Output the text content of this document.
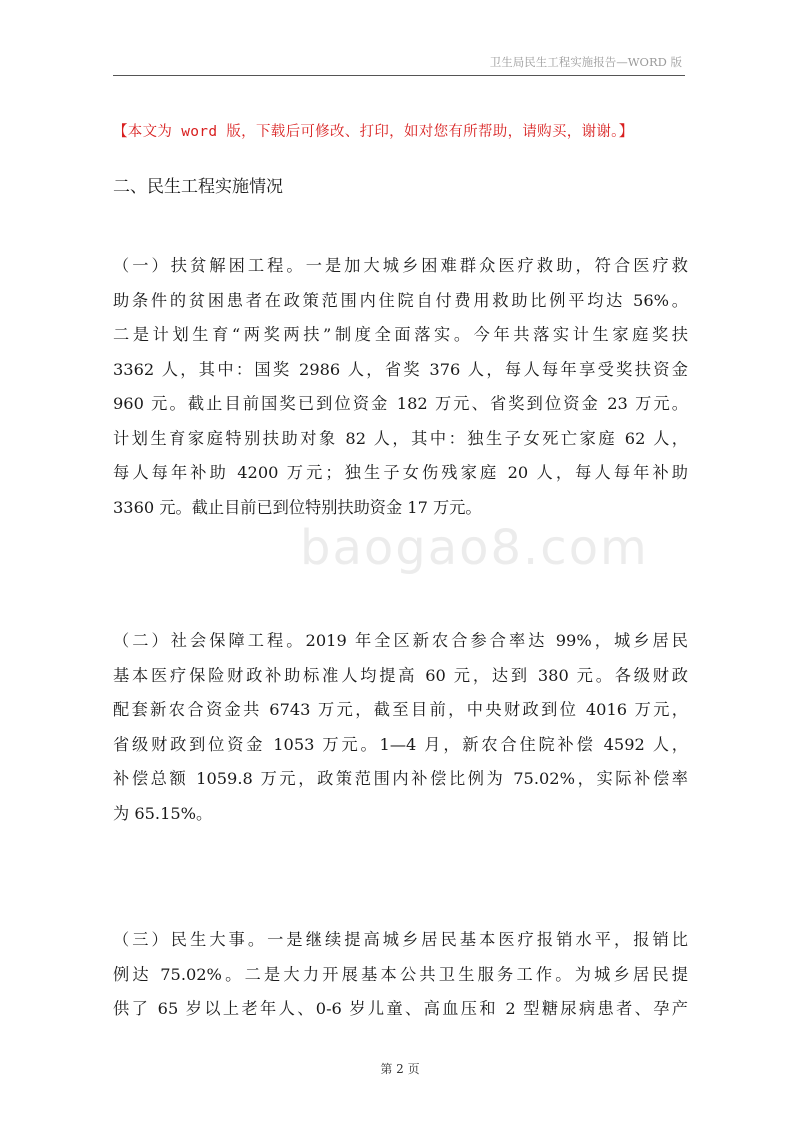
卫生局民生工程实施报告—WORD 版
【本文为 word 版，下载后可修改、打印，如对您有所帮助，请购买，谢谢。】
二、民生工程实施情况
baogao8.com
（一）扶贫解困工程。一是加大城乡困难群众医疗救助，符合医疗救
助条件的贫困患者在政策范围内住院自付费用救助比例平均达 56%。
二是计划生育“两奖两扶”制度全面落实。今年共落实计生家庭奖扶
3362 人，其中：国奖 2986 人，省奖 376 人，每人每年享受奖扶资金
960 元。截止目前国奖已到位资金 182 万元、省奖到位资金 23 万元。
计划生育家庭特别扶助对象 82 人，其中：独生子女死亡家庭 62 人，
每人每年补助 4200 万元；独生子女伤残家庭 20 人，每人每年补助
3360 元。截止目前已到位特别扶助资金 17 万元。
（二）社会保障工程。2019 年全区新农合参合率达 99%，城乡居民
基本医疗保险财政补助标准人均提高 60 元，达到 380 元。各级财政
配套新农合资金共 6743 万元，截至目前，中央财政到位 4016 万元，
省级财政到位资金 1053 万元。1—4 月，新农合住院补偿 4592 人，
补偿总额 1059.8 万元，政策范围内补偿比例为 75.02%，实际补偿率
为 65.15%。
（三）民生大事。一是继续提高城乡居民基本医疗报销水平，报销比
例达 75.02%。二是大力开展基本公共卫生服务工作。为城乡居民提
供了 65 岁以上老年人、0-6 岁儿童、高血压和 2 型糖尿病患者、孕产
第 2 页
